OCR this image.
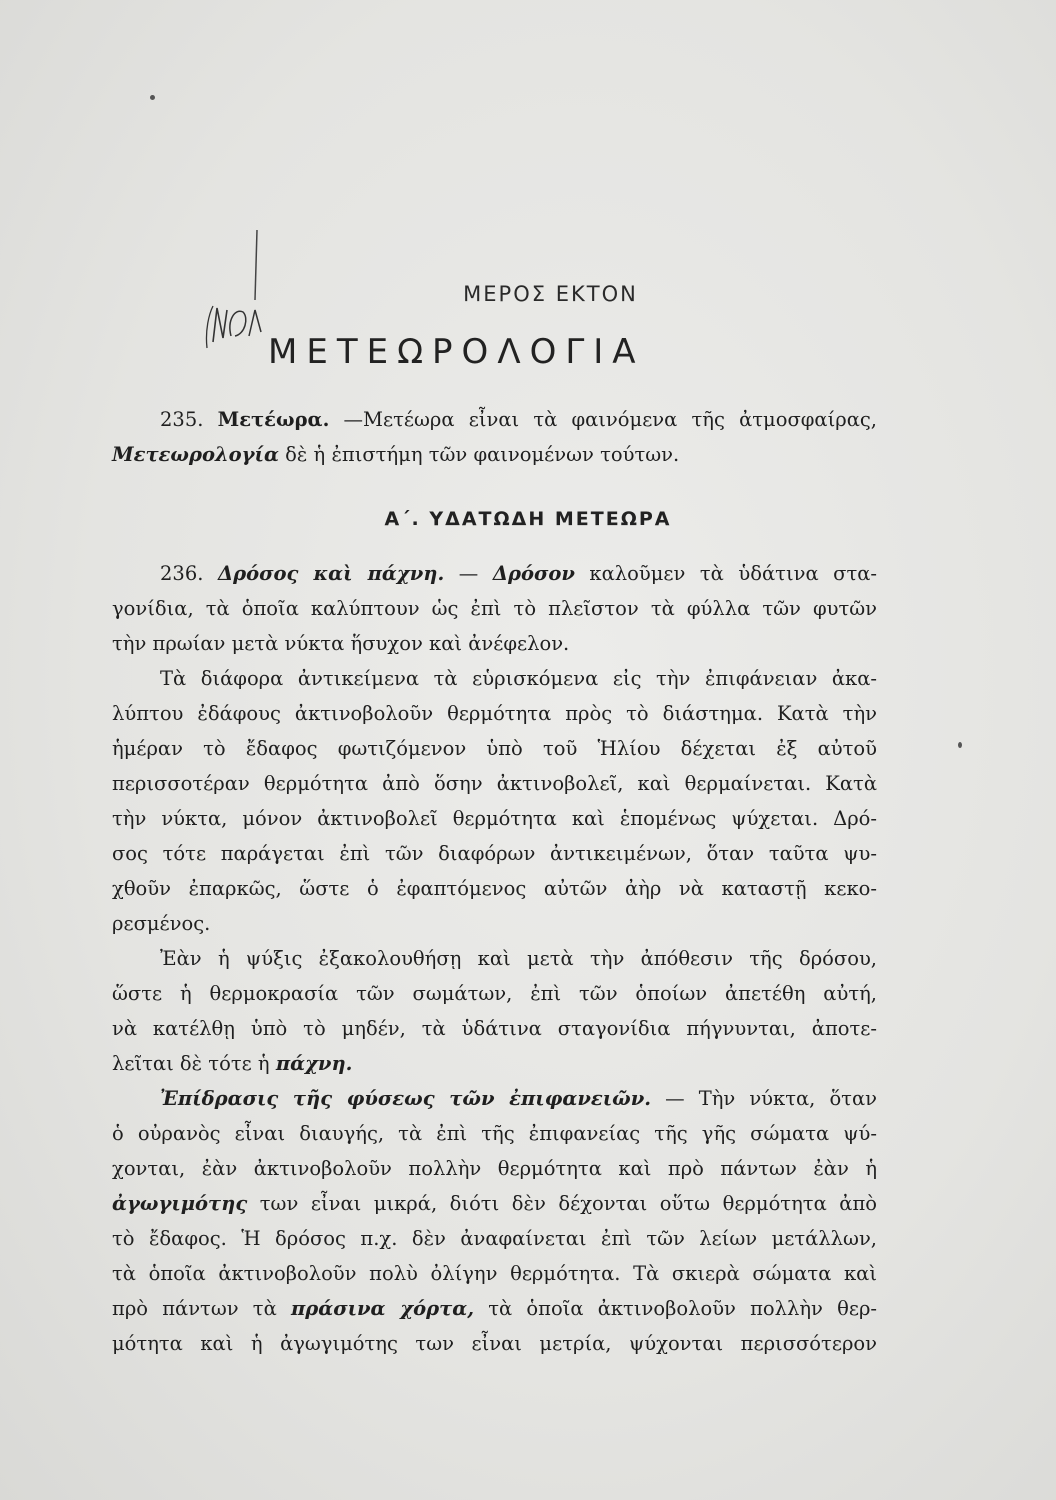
ΜΕΡΟΣ ΕΚΤΟΝ
ΜΕΤΕΩΡΟΛΟΓΙΑ
235. Μετέωρα. —Μετέωρα εἶναι τὰ φαινόμενα τῆς ἀτμοσφαίρας,
Μετεωρολογία δὲ ἡ ἐπιστήμη τῶν φαινομένων τούτων.
Α΄. ΥΔΑΤΩΔΗ ΜΕΤΕΩΡΑ
236. Δρόσος καὶ πάχνη. — Δρόσον καλοῦμεν τὰ ὑδάτινα στα-
γονίδια, τὰ ὁποῖα καλύπτουν ὡς ἐπὶ τὸ πλεῖστον τὰ φύλλα τῶν φυτῶν
τὴν πρωίαν μετὰ νύκτα ἥσυχον καὶ ἀνέφελον.
Τὰ διάφορα ἀντικείμενα τὰ εὑρισκόμενα εἰς τὴν ἐπιφάνειαν ἀκα-
λύπτου ἐδάφους ἀκτινοβολοῦν θερμότητα πρὸς τὸ διάστημα. Κατὰ τὴν
ἡμέραν τὸ ἔδαφος φωτιζόμενον ὑπὸ τοῦ Ἡλίου δέχεται ἐξ αὐτοῦ
περισσοτέραν θερμότητα ἀπὸ ὅσην ἀκτινοβολεῖ, καὶ θερμαίνεται. Κατὰ
τὴν νύκτα, μόνον ἀκτινοβολεῖ θερμότητα καὶ ἑπομένως ψύχεται. Δρό-
σος τότε παράγεται ἐπὶ τῶν διαφόρων ἀντικειμένων, ὅταν ταῦτα ψυ-
χθοῦν ἐπαρκῶς, ὥστε ὁ ἐφαπτόμενος αὐτῶν ἀὴρ νὰ καταστῇ κεκο-
ρεσμένος.
Ἐὰν ἡ ψύξις ἐξακολουθήσῃ καὶ μετὰ τὴν ἀπόθεσιν τῆς δρόσου,
ὥστε ἡ θερμοκρασία τῶν σωμάτων, ἐπὶ τῶν ὁποίων ἀπετέθη αὐτή,
νὰ κατέλθῃ ὑπὸ τὸ μηδέν, τὰ ὑδάτινα σταγονίδια πήγνυνται, ἀποτε-
λεῖται δὲ τότε ἡ πάχνη.
Ἐπίδρασις τῆς φύσεως τῶν ἐπιφανειῶν. — Τὴν νύκτα, ὅταν
ὁ οὐρανὸς εἶναι διαυγής, τὰ ἐπὶ τῆς ἐπιφανείας τῆς γῆς σώματα ψύ-
χονται, ἐὰν ἀκτινοβολοῦν πολλὴν θερμότητα καὶ πρὸ πάντων ἐὰν ἡ
ἀγωγιμότης των εἶναι μικρά, διότι δὲν δέχονται οὕτω θερμότητα ἀπὸ
τὸ ἔδαφος. Ἡ δρόσος π.χ. δὲν ἀναφαίνεται ἐπὶ τῶν λείων μετάλλων,
τὰ ὁποῖα ἀκτινοβολοῦν πολὺ ὀλίγην θερμότητα. Τὰ σκιερὰ σώματα καὶ
πρὸ πάντων τὰ πράσινα χόρτα, τὰ ὁποῖα ἀκτινοβολοῦν πολλὴν θερ-
μότητα καὶ ἡ ἀγωγιμότης των εἶναι μετρία, ψύχονται περισσότερον
